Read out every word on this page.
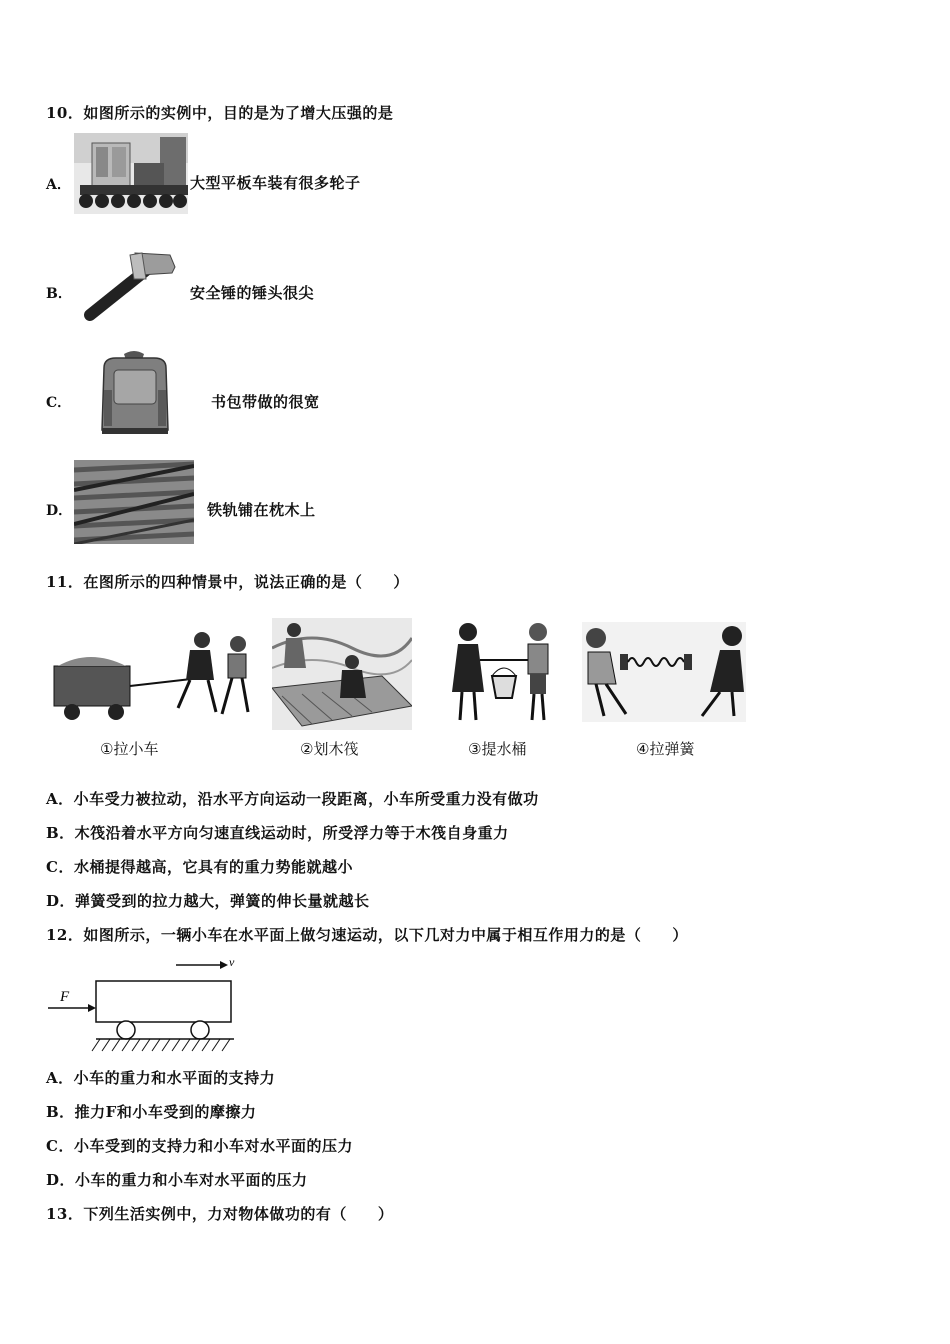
10．如图所示的实例中，目的是为了增大压强的是
A．	大型平板车装有很多轮子
B．	安全锤的锤头很尖
C．	书包带做的很宽
D．	铁轨铺在枕木上
11．在图所示的四种情景中，说法正确的是（　　）
①拉小车	②划木筏	③提水桶	④拉弹簧
A．小车受力被拉动，沿水平方向运动一段距离，小车所受重力没有做功
B．木筏沿着水平方向匀速直线运动时，所受浮力等于木筏自身重力
C．水桶提得越高，它具有的重力势能就越小
D．弹簧受到的拉力越大，弹簧的伸长量就越长
12．如图所示，一辆小车在水平面上做匀速运动，以下几对力中属于相互作用力的是（　　）
v
F
A．小车的重力和水平面的支持力
B．推力F和小车受到的摩擦力
C．小车受到的支持力和小车对水平面的压力
D．小车的重力和小车对水平面的压力
13．下列生活实例中，力对物体做功的有（　　）
